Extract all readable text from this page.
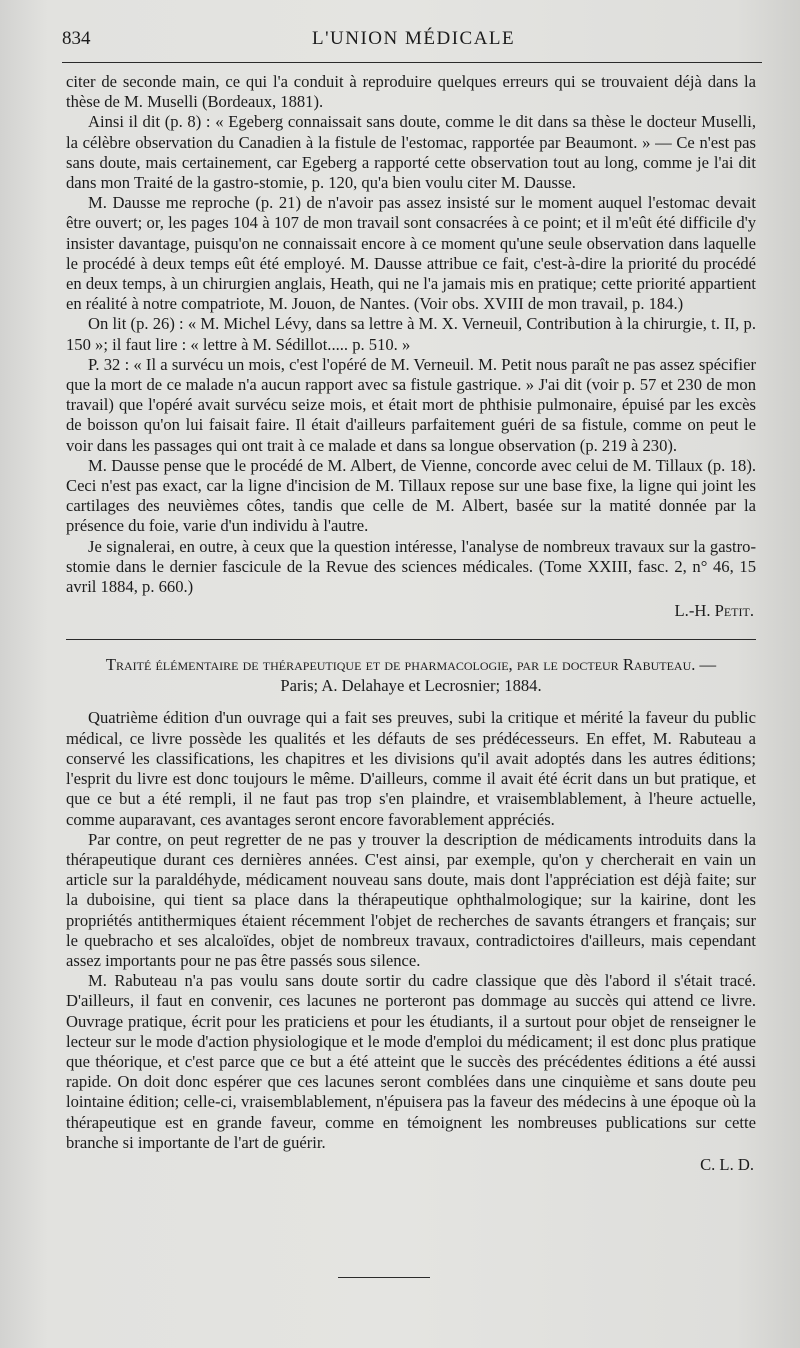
834	L'UNION MÉDICALE

citer de seconde main, ce qui l'a conduit à reproduire quelques erreurs qui se trouvaient déjà dans la thèse de M. Muselli (Bordeaux, 1881).

Ainsi il dit (p. 8) : « Egeberg connaissait sans doute, comme le dit dans sa thèse le docteur Muselli, la célèbre observation du Canadien à la fistule de l'estomac, rapportée par Beaumont. » — Ce n'est pas sans doute, mais certainement, car Egeberg a rapporté cette observation tout au long, comme je l'ai dit dans mon Traité de la gastro-stomie, p. 120, qu'a bien voulu citer M. Dausse.

M. Dausse me reproche (p. 21) de n'avoir pas assez insisté sur le moment auquel l'estomac devait être ouvert; or, les pages 104 à 107 de mon travail sont consacrées à ce point; et il m'eût été difficile d'y insister davantage, puisqu'on ne connaissait encore à ce moment qu'une seule observation dans laquelle le procédé à deux temps eût été employé. M. Dausse attribue ce fait, c'est-à-dire la priorité du procédé en deux temps, à un chirurgien anglais, Heath, qui ne l'a jamais mis en pratique; cette priorité appartient en réalité à notre compatriote, M. Jouon, de Nantes. (Voir obs. XVIII de mon travail, p. 184.)

On lit (p. 26) : « M. Michel Lévy, dans sa lettre à M. X. Verneuil, Contribution à la chirurgie, t. II, p. 150 »; il faut lire : « lettre à M. Sédillot..... p. 510. »

P. 32 : « Il a survécu un mois, c'est l'opéré de M. Verneuil. M. Petit nous paraît ne pas assez spécifier que la mort de ce malade n'a aucun rapport avec sa fistule gastrique. » J'ai dit (voir p. 57 et 230 de mon travail) que l'opéré avait survécu seize mois, et était mort de phthisie pulmonaire, épuisé par les excès de boisson qu'on lui faisait faire. Il était d'ailleurs parfaitement guéri de sa fistule, comme on peut le voir dans les passages qui ont trait à ce malade et dans sa longue observation (p. 219 à 230).

M. Dausse pense que le procédé de M. Albert, de Vienne, concorde avec celui de M. Tillaux (p. 18). Ceci n'est pas exact, car la ligne d'incision de M. Tillaux repose sur une base fixe, la ligne qui joint les cartilages des neuvièmes côtes, tandis que celle de M. Albert, basée sur la matité donnée par la présence du foie, varie d'un individu à l'autre.

Je signalerai, en outre, à ceux que la question intéresse, l'analyse de nombreux travaux sur la gastro-stomie dans le dernier fascicule de la Revue des sciences médicales. (Tome XXIII, fasc. 2, n° 46, 15 avril 1884, p. 660.)

L.-H. Petit.
Traité élémentaire de thérapeutique et de pharmacologie, par le docteur Rabuteau. —
Paris; A. Delahaye et Lecrosnier; 1884.

Quatrième édition d'un ouvrage qui a fait ses preuves, subi la critique et mérité la faveur du public médical, ce livre possède les qualités et les défauts de ses prédécesseurs. En effet, M. Rabuteau a conservé les classifications, les chapitres et les divisions qu'il avait adoptés dans les autres éditions; l'esprit du livre est donc toujours le même. D'ailleurs, comme il avait été écrit dans un but pratique, et que ce but a été rempli, il ne faut pas trop s'en plaindre, et vraisemblablement, à l'heure actuelle, comme auparavant, ces avantages seront encore favorablement appréciés.

Par contre, on peut regretter de ne pas y trouver la description de médicaments introduits dans la thérapeutique durant ces dernières années. C'est ainsi, par exemple, qu'on y chercherait en vain un article sur la paraldéhyde, médicament nouveau sans doute, mais dont l'appréciation est déjà faite; sur la duboisine, qui tient sa place dans la thérapeutique ophthalmologique; sur la kairine, dont les propriétés antithermiques étaient récemment l'objet de recherches de savants étrangers et français; sur le quebracho et ses alcaloïdes, objet de nombreux travaux, contradictoires d'ailleurs, mais cependant assez importants pour ne pas être passés sous silence.

M. Rabuteau n'a pas voulu sans doute sortir du cadre classique que dès l'abord il s'était tracé. D'ailleurs, il faut en convenir, ces lacunes ne porteront pas dommage au succès qui attend ce livre. Ouvrage pratique, écrit pour les praticiens et pour les étudiants, il a surtout pour objet de renseigner le lecteur sur le mode d'action physiologique et le mode d'emploi du médicament; il est donc plus pratique que théorique, et c'est parce que ce but a été atteint que le succès des précédentes éditions a été aussi rapide. On doit donc espérer que ces lacunes seront comblées dans une cinquième et sans doute peu lointaine édition; celle-ci, vraisemblablement, n'épuisera pas la faveur des médecins à une époque où la thérapeutique est en grande faveur, comme en témoignent les nombreuses publications sur cette branche si importante de l'art de guérir.

C. L. D.
